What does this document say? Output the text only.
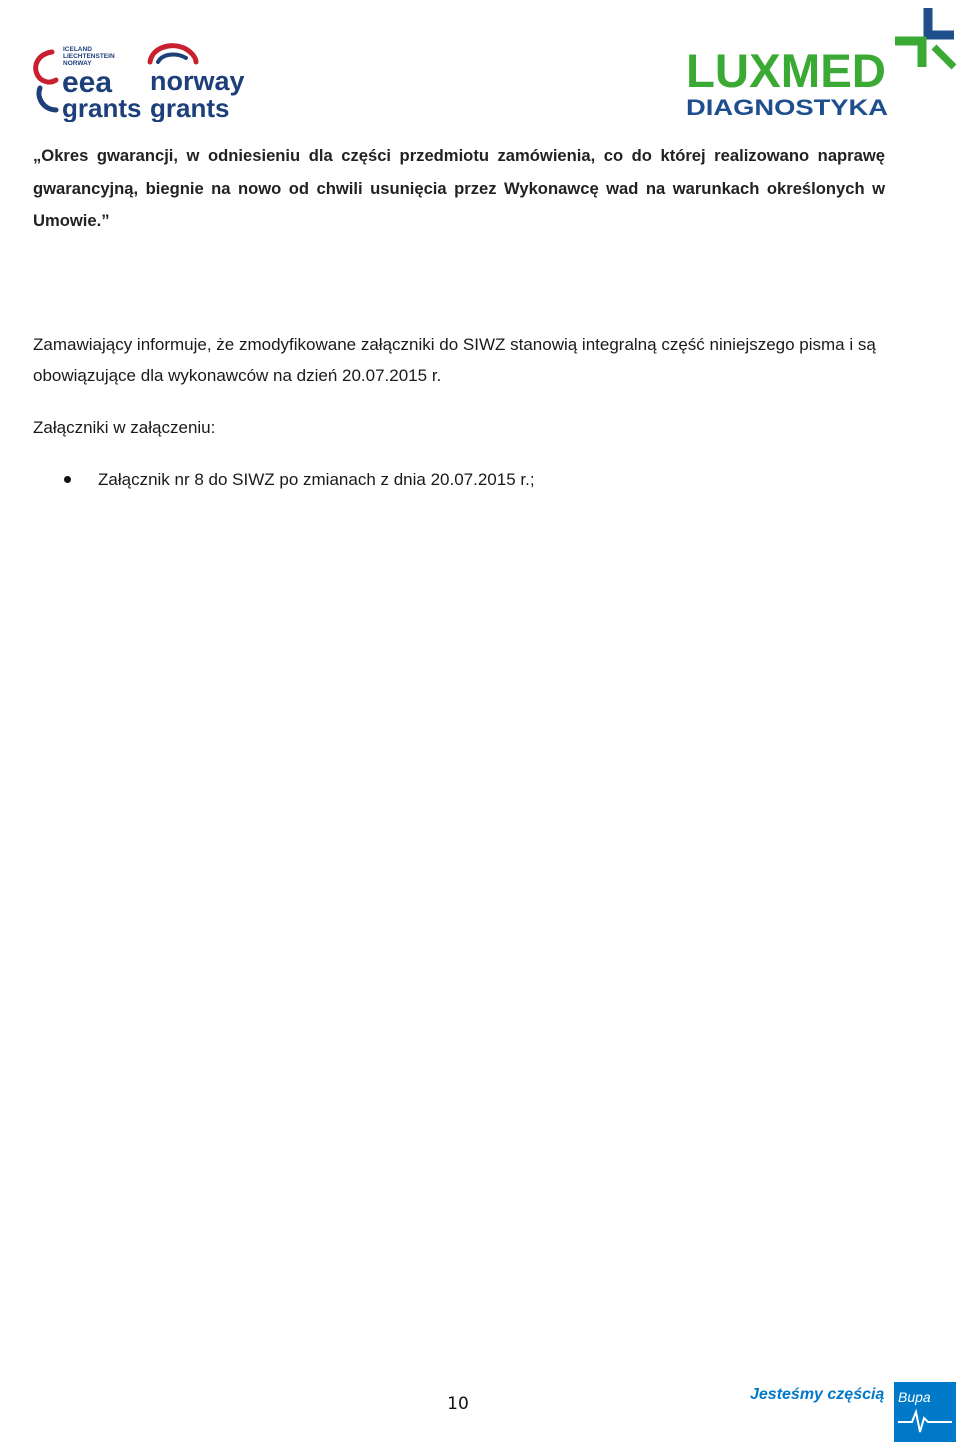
ICELAND
LIECHTENSTEIN
NORWAY
eea
grants
norway
grants
LUXMED
DIAGNOSTYKA
„Okres gwarancji, w odniesieniu dla części przedmiotu zamówienia, co do której realizowano naprawę gwarancyjną, biegnie na nowo od chwili usunięcia przez Wykonawcę wad na warunkach określonych w Umowie.”
Zamawiający informuje, że zmodyfikowane załączniki do SIWZ stanowią integralną część niniejszego pisma i są obowiązujące dla wykonawców na dzień 20.07.2015 r.
Załączniki w załączeniu:
Załącznik nr 8 do SIWZ po zmianach z dnia 20.07.2015 r.;
10	Jesteśmy częścią Bupa
